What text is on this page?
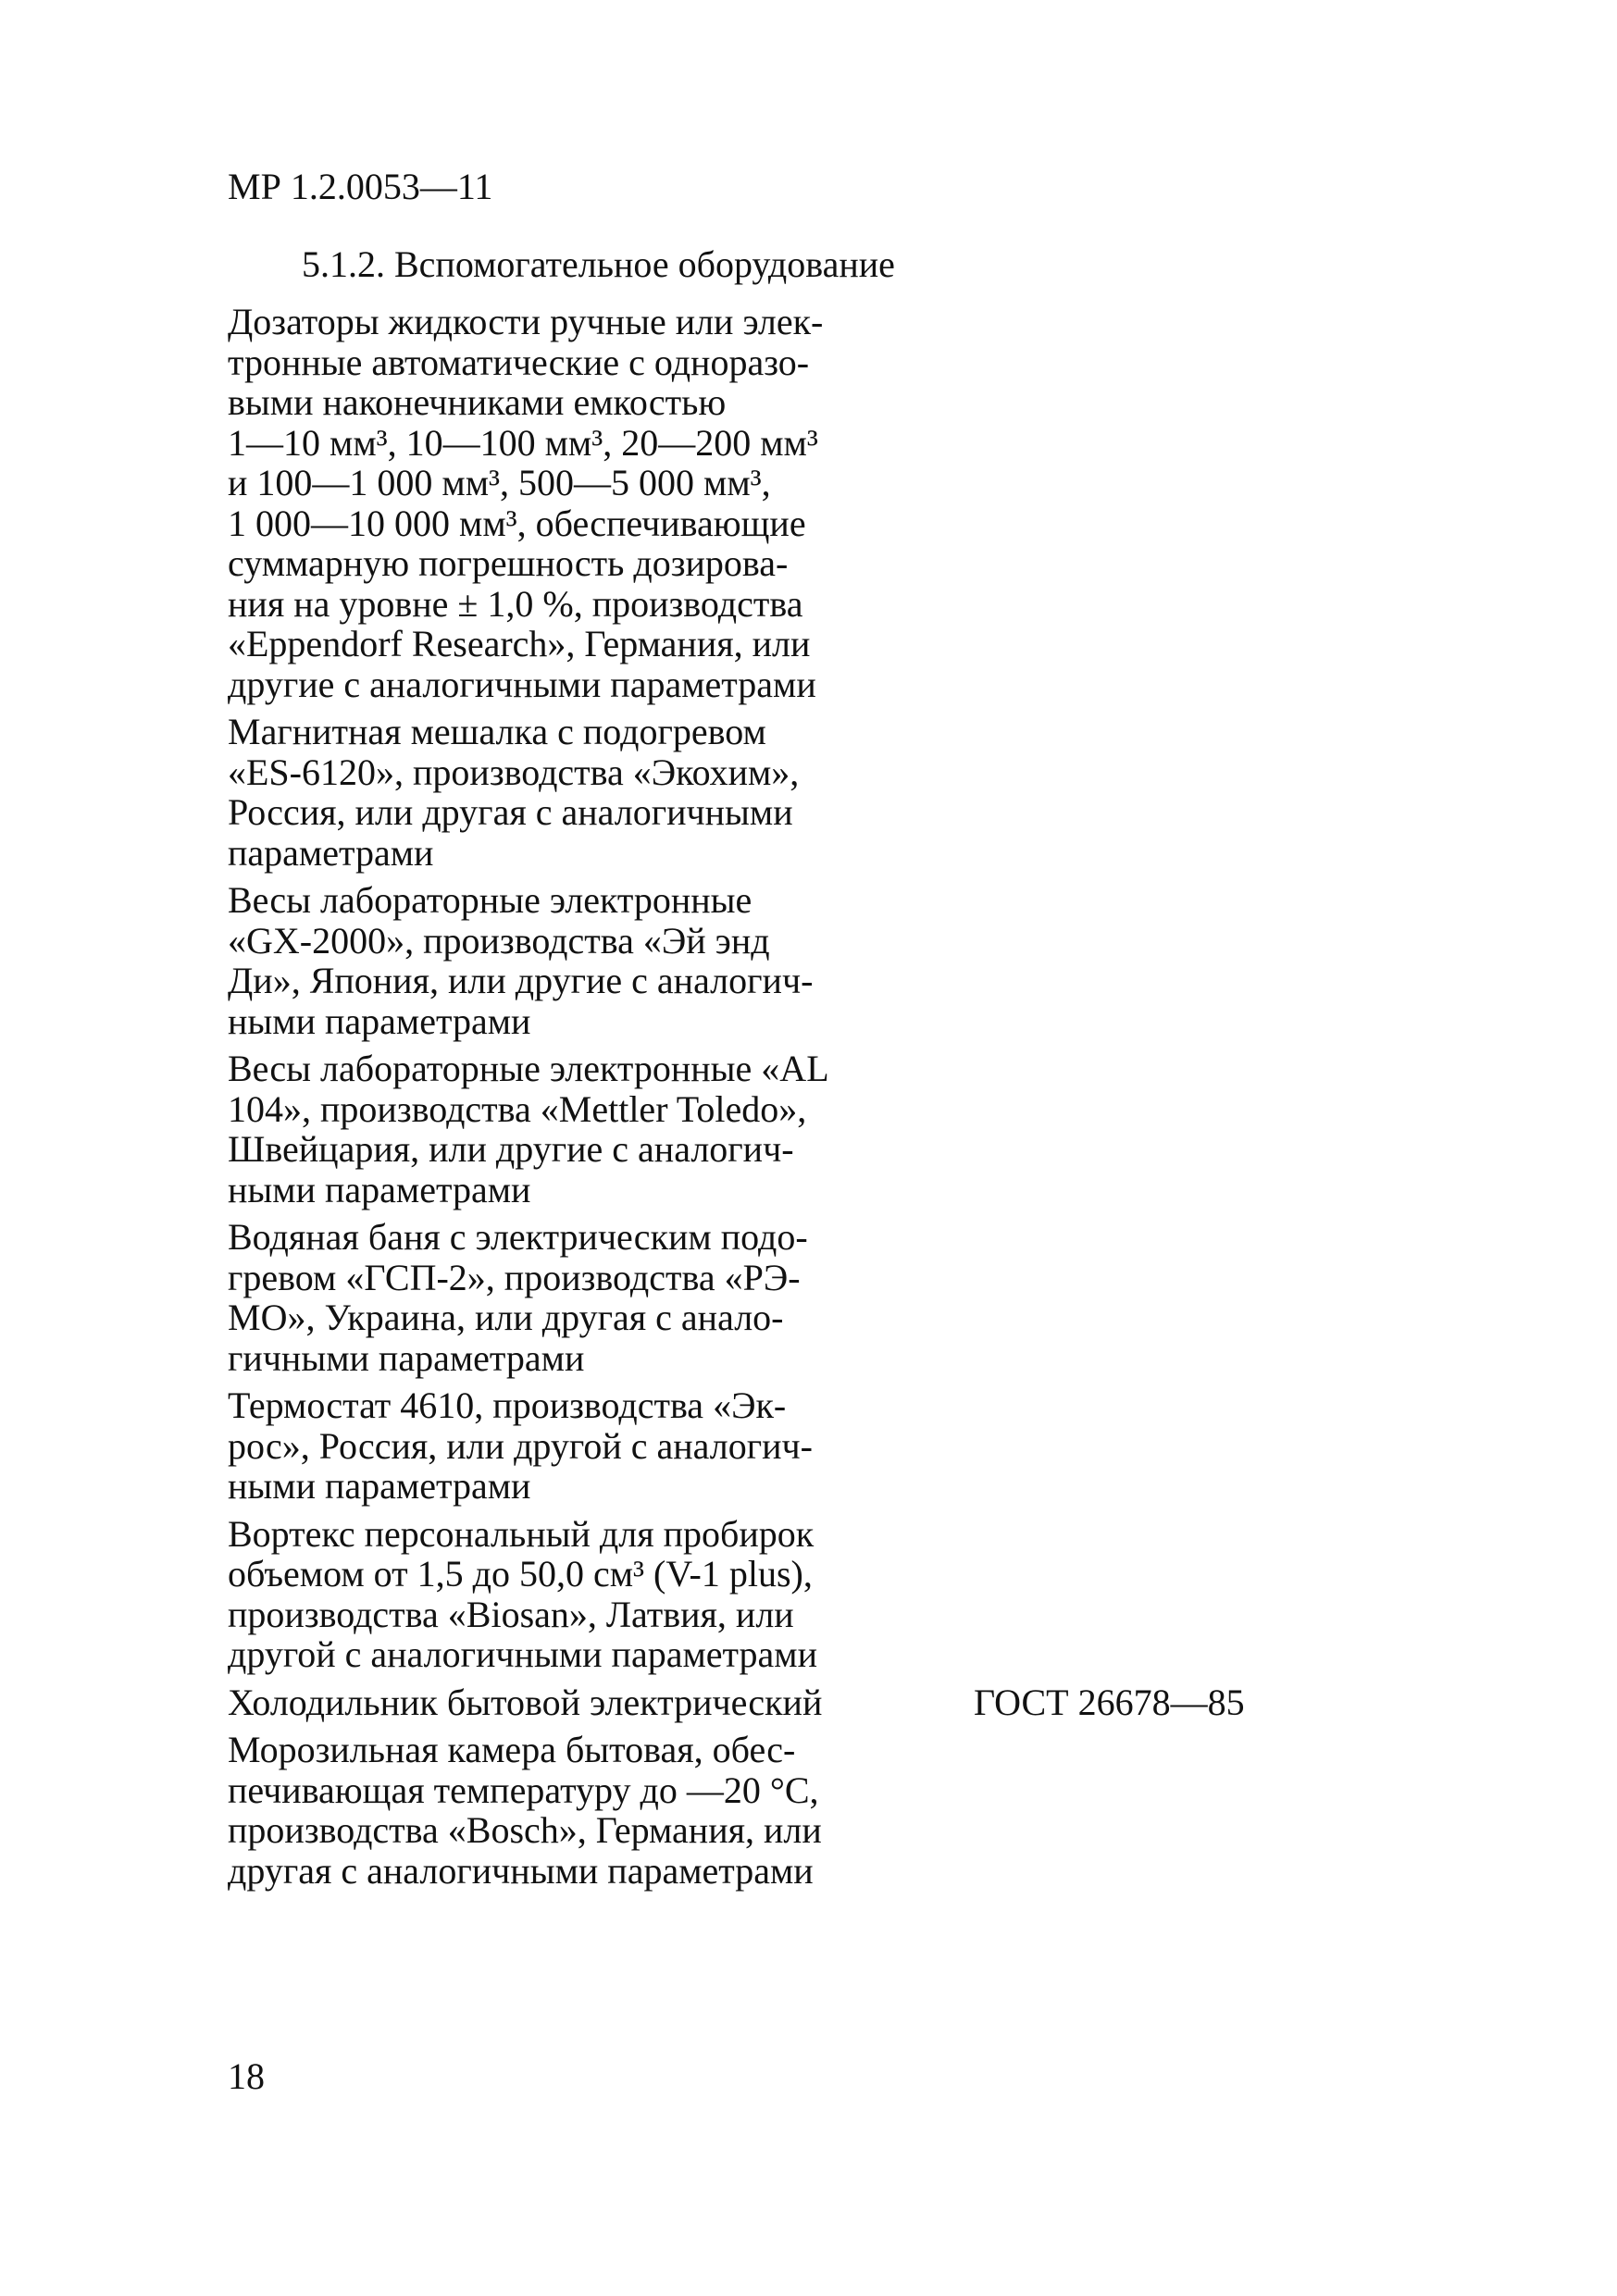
МР 1.2.0053—11
5.1.2. Вспомогательное оборудование
Дозаторы жидкости ручные или элек-
тронные автоматические с одноразо-
выми наконечниками емкостью
1—10 мм³, 10—100 мм³, 20—200 мм³
и 100—1 000 мм³, 500—5 000 мм³,
1 000—10 000 мм³, обеспечивающие
суммарную погрешность дозирова-
ния на уровне ± 1,0 %, производства
«Eppendorf Research», Германия, или
другие с аналогичными параметрами
Магнитная мешалка с подогревом
«ES-6120», производства «Экохим»,
Россия, или другая с аналогичными
параметрами
Весы лабораторные электронные
«GX-2000», производства «Эй энд
Ди», Япония, или другие с аналогич-
ными параметрами
Весы лабораторные электронные «AL
104», производства «Mettler Toledo»,
Швейцария, или другие с аналогич-
ными параметрами
Водяная баня с электрическим подо-
гревом «ГСП-2», производства «РЭ-
МО», Украина, или другая с анало-
гичными параметрами
Термостат 4610, производства «Эк-
рос», Россия, или другой с аналогич-
ными параметрами
Вортекс персональный для пробирок
объемом от 1,5 до 50,0 см³ (V-1 plus),
производства «Biosan», Латвия, или
другой с аналогичными параметрами
Холодильник бытовой электрический	ГОСТ 26678—85
Морозильная камера бытовая, обес-
печивающая температуру до —20 °С,
производства «Bosch», Германия, или
другая с аналогичными параметрами
18
